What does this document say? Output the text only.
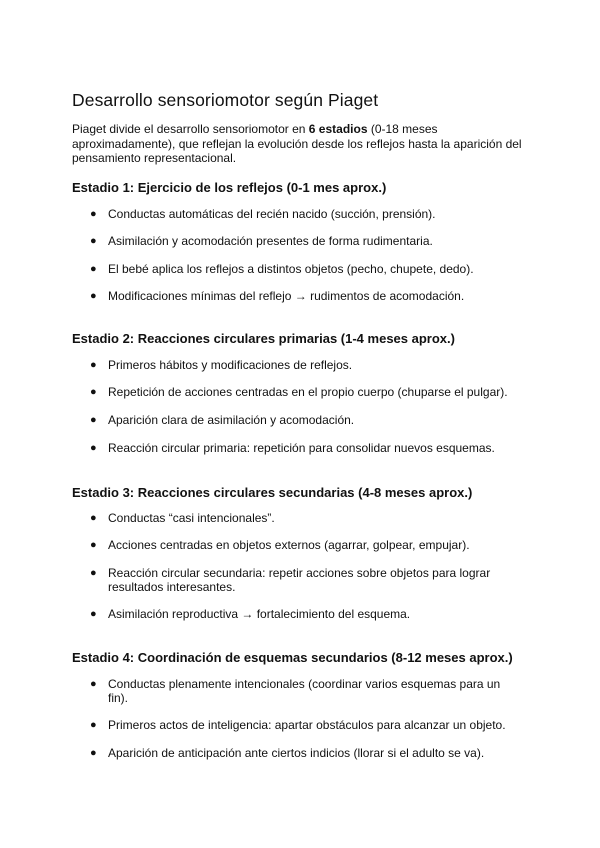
Desarrollo sensoriomotor según Piaget

Piaget divide el desarrollo sensoriomotor en 6 estadios (0-18 meses aproximadamente), que reflejan la evolución desde los reflejos hasta la aparición del pensamiento representacional.

Estadio 1: Ejercicio de los reflejos (0-1 mes aprox.)
● Conductas automáticas del recién nacido (succión, prensión).
● Asimilación y acomodación presentes de forma rudimentaria.
● El bebé aplica los reflejos a distintos objetos (pecho, chupete, dedo).
● Modificaciones mínimas del reflejo → rudimentos de acomodación.
Estadio 2: Reacciones circulares primarias (1-4 meses aprox.)
● Primeros hábitos y modificaciones de reflejos.
● Repetición de acciones centradas en el propio cuerpo (chuparse el pulgar).
● Aparición clara de asimilación y acomodación.
● Reacción circular primaria: repetición para consolidar nuevos esquemas.
Estadio 3: Reacciones circulares secundarias (4-8 meses aprox.)
● Conductas “casi intencionales”.
● Acciones centradas en objetos externos (agarrar, golpear, empujar).
● Reacción circular secundaria: repetir acciones sobre objetos para lograr resultados interesantes.
● Asimilación reproductiva → fortalecimiento del esquema.
Estadio 4: Coordinación de esquemas secundarios (8-12 meses aprox.)
● Conductas plenamente intencionales (coordinar varios esquemas para un fin).
● Primeros actos de inteligencia: apartar obstáculos para alcanzar un objeto.
● Aparición de anticipación ante ciertos indicios (llorar si el adulto se va).
